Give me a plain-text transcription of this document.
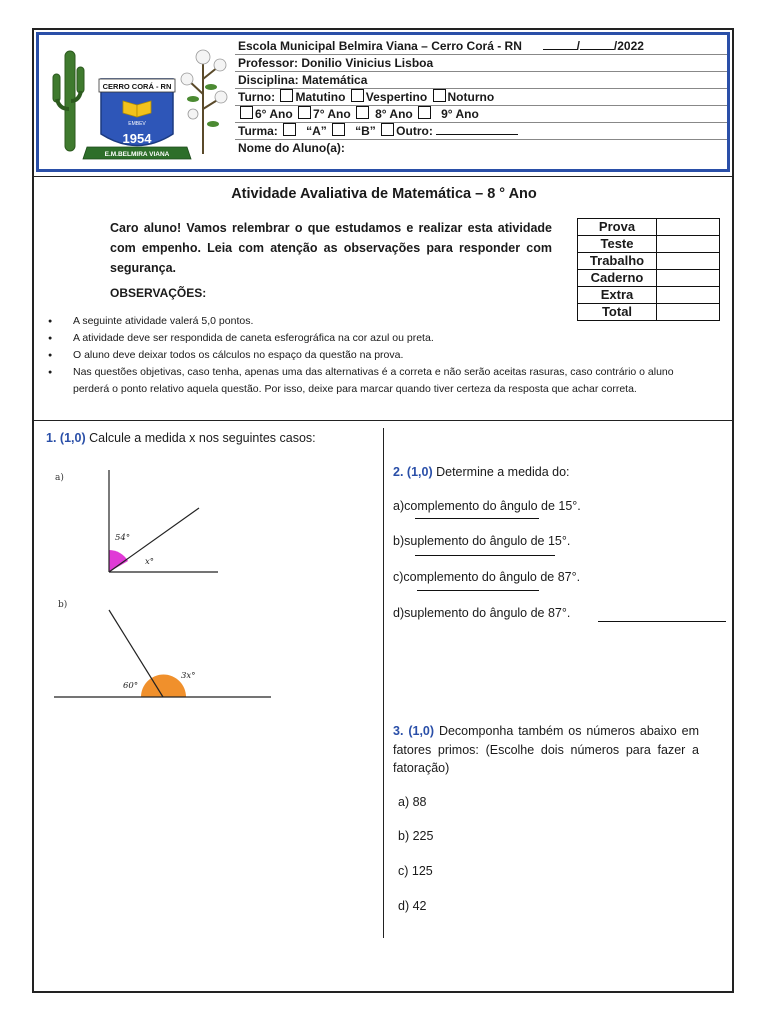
CERRO CORÁ - RN
EMBEV
1954
E.M.BELMIRA VIANA
Escola Municipal Belmira Viana – Cerro Corá - RN	/	/2022
Professor: Donilio Vinicius Lisboa
Disciplina: Matemática
Turno: Matutino Vespertino Noturno
6° Ano 7° Ano 8° Ano 9° Ano
Turma: “A” “B” Outro:
Nome do Aluno(a):
Atividade Avaliativa de Matemática – 8 ° Ano
Caro aluno! Vamos relembrar o que estudamos e realizar esta atividade com empenho. Leia com atenção as observações para responder com segurança.
OBSERVAÇÕES:
Prova	
Teste	
Trabalho	
Caderno	
Extra	
Total	
● A seguinte atividade valerá 5,0 pontos.
● A atividade deve ser respondida de caneta esferográfica na cor azul ou preta.
● O aluno deve deixar todos os cálculos no espaço da questão na prova.
● Nas questões objetivas, caso tenha, apenas uma das alternativas é a correta e não serão aceitas rasuras, caso contrário o aluno perderá o ponto relativo aquela questão. Por isso, deixe para marcar quando tiver certeza da resposta que achar correta.
1. (1,0) Calcule a medida x nos seguintes casos:
a)
54°
x°
b)
60°
3x°
2. (1,0) Determine a medida do:
a)complemento do ângulo de 15°.
b)suplemento do ângulo de 15°.
c)complemento do ângulo de 87°.
d)suplemento do ângulo de 87°.
3. (1,0) Decomponha também os números abaixo em fatores primos: (Escolhe dois números para fazer a fatoração)
a) 88
b) 225
c) 125
d) 42
